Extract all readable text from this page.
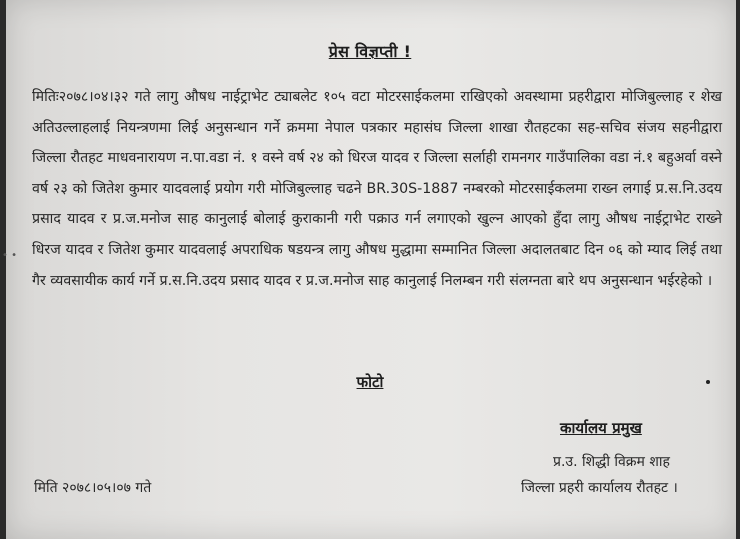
• •
प्रेस विज्ञप्ती !
मितिः२०७८।०४।३२ गते लागु औषध नाईट्राभेट ट्याबलेट १०५ वटा मोटरसाईकलमा राखिएको अवस्थामा प्रहरीद्वारा मोजिबुल्लाह र शेख अतिउल्लाहलाई नियन्त्रणमा लिई अनुसन्धान गर्ने क्रममा नेपाल पत्रकार महासंघ जिल्ला शाखा रौतहटका सह-सचिव संजय सहनीद्वारा जिल्ला रौतहट माधवनारायण न.पा.वडा नं. १ वस्ने वर्ष २४ को धिरज यादव र जिल्ला सर्लाही रामनगर गाउँपालिका वडा नं.१ बहुअर्वा वस्ने वर्ष २३ को जितेश कुमार यादवलाई प्रयोग गरी मोजिबुल्लाह चढने BR.30S-1887 नम्बरको मोटरसाईकलमा राख्न लगाई प्र.स.नि.उदय प्रसाद यादव र प्र.ज.मनोज साह कानुलाई बोलाई कुराकानी गरी पक्राउ गर्न लगाएको खुल्न आएको हुँदा लागु औषध नाईट्राभेट राख्ने धिरज यादव र जितेश कुमार यादवलाई अपराधिक षडयन्त्र लागु औषध मुद्धामा सम्मानित जिल्ला अदालतबाट दिन ०६ को म्याद लिई तथा गैर व्यवसायीक कार्य गर्ने प्र.स.नि.उदय प्रसाद यादव र प्र.ज.मनोज साह कानुलाई निलम्बन गरी संलग्नता बारे थप अनुसन्धान भईरहेको ।
फोटो
कार्यालय प्रमुख
प्र.उ. शिद्धी विक्रम शाह
जिल्ला प्रहरी कार्यालय रौतहट ।
मिति २०७८।०५।०७ गते
